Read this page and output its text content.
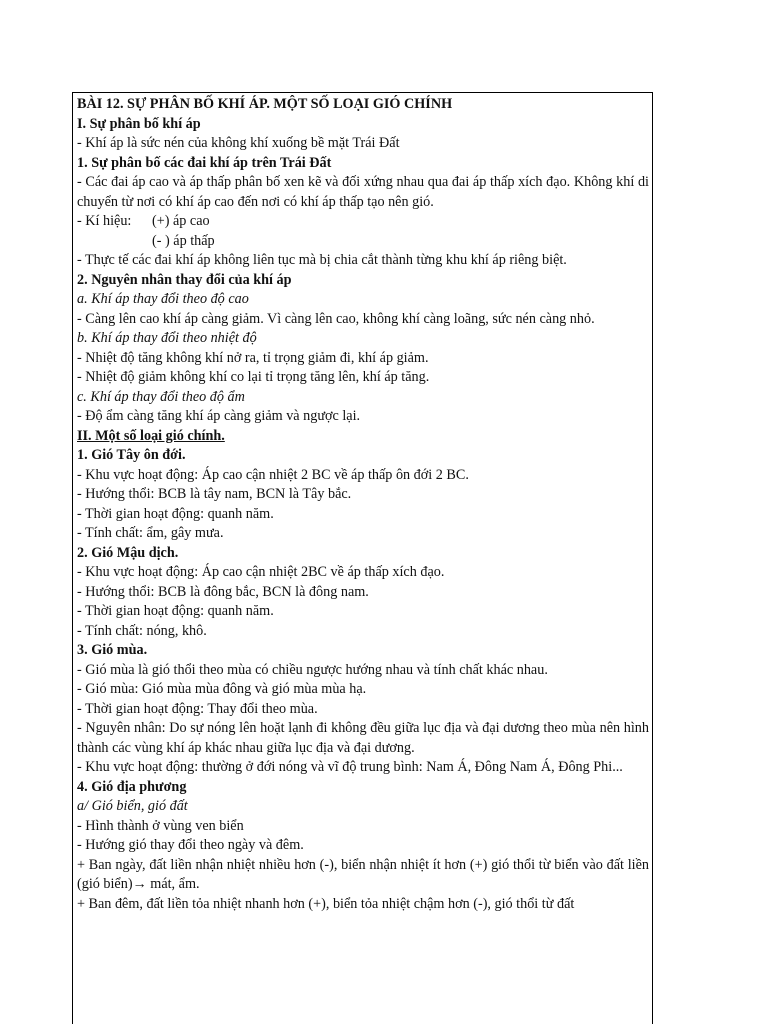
BÀI 12. SỰ PHÂN BỐ KHÍ ÁP. MỘT SỐ LOẠI GIÓ CHÍNH

I. Sự phân bố khí áp

- Khí áp là sức nén của không khí xuống bề mặt Trái Đất

1. Sự phân bố các đai khí áp trên Trái Đất

- Các đai áp cao và áp thấp phân bố xen kẽ và đối xứng nhau qua đai áp thấp xích đạo. Không khí di chuyển từ nơi có khí áp cao đến nơi có khí áp thấp tạo nên gió.

- Kí hiệu: (+) áp cao

(- ) áp thấp

- Thực tế các đai khí áp không liên tục mà bị chia cắt thành từng khu khí áp riêng biệt.

2. Nguyên nhân thay đổi của khí áp

a. Khí áp thay đổi theo độ cao

- Càng lên cao khí áp càng giảm. Vì càng lên cao, không khí càng loãng, sức nén càng nhỏ.

b. Khí áp thay đổi theo nhiệt độ

- Nhiệt độ tăng không khí nở ra, tỉ trọng giảm đi, khí áp giảm.

- Nhiệt độ giảm không khí co lại tỉ trọng tăng lên, khí áp tăng.

c. Khí áp thay đổi theo độ ẩm

- Độ ẩm càng tăng khí áp càng giảm và ngược lại.

II. Một số loại gió chính.

1. Gió Tây ôn đới.

- Khu vực hoạt động: Áp cao cận nhiệt 2 BC về áp thấp ôn đới 2 BC.

- Hướng thổi: BCB là tây nam, BCN là Tây bắc.

- Thời gian hoạt động: quanh năm.

- Tính chất: ẩm, gây mưa.

2. Gió Mậu dịch.

- Khu vực hoạt động: Áp cao cận nhiệt 2BC về áp thấp xích đạo.

- Hướng thổi: BCB là đông bắc, BCN là đông nam.

- Thời gian hoạt động: quanh năm.

- Tính chất: nóng, khô.

3. Gió mùa.

- Gió mùa là gió thổi theo mùa có chiều ngược hướng nhau và tính chất khác nhau.

- Gió mùa: Gió mùa mùa đông và gió mùa mùa hạ.

- Thời gian hoạt động: Thay đổi theo mùa.

- Nguyên nhân: Do sự nóng lên hoặt lạnh đi không đều giữa lục địa và đại dương theo mùa nên hình thành các vùng khí áp khác nhau giữa lục địa và đại dương.

- Khu vực hoạt động: thường ở đới nóng và vĩ độ trung bình: Nam Á, Đông Nam Á, Đông Phi...

4. Gió địa phương

a/ Gió biển, gió đất

- Hình thành ở vùng ven biển

- Hướng gió thay đổi theo ngày và đêm.

+ Ban ngày, đất liền nhận nhiệt nhiều hơn (-), biển nhận nhiệt ít hơn (+) gió thổi từ biển vào đất liền (gió biển)→ mát, ẩm.

+ Ban đêm, đất liền tỏa nhiệt nhanh hơn (+), biển tỏa nhiệt chậm hơn (-), gió thổi từ đất
